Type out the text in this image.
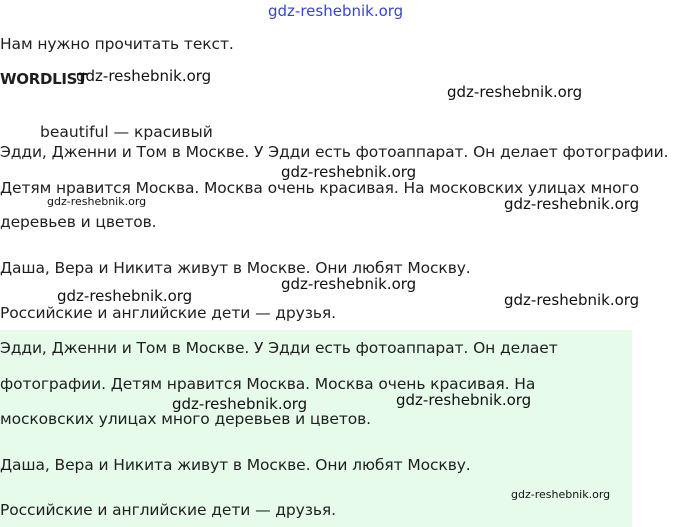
gdz-reshebnik.org
Нам нужно прочитать текст.
WORDLIST
gdz-reshebnik.org
gdz-reshebnik.org
beautiful — красивый
Эдди, Дженни и Том в Москве. У Эдди есть фотоаппарат. Он делает фотографии.
gdz-reshebnik.org
Детям нравится Москва. Москва очень красивая. На московских улицах много
gdz-reshebnik.org	gdz-reshebnik.org
деревьев и цветов.
Даша, Вера и Никита живут в Москве. Они любят Москву.
gdz-reshebnik.org
gdz-reshebnik.org	gdz-reshebnik.org
Российские и английские дети — друзья.
Эдди, Дженни и Том в Москве. У Эдди есть фотоаппарат. Он делает
фотографии. Детям нравится Москва. Москва очень красивая. На
gdz-reshebnik.org	gdz-reshebnik.org
московских улицах много деревьев и цветов.
Даша, Вера и Никита живут в Москве. Они любят Москву.
gdz-reshebnik.org
Российские и английские дети — друзья.
